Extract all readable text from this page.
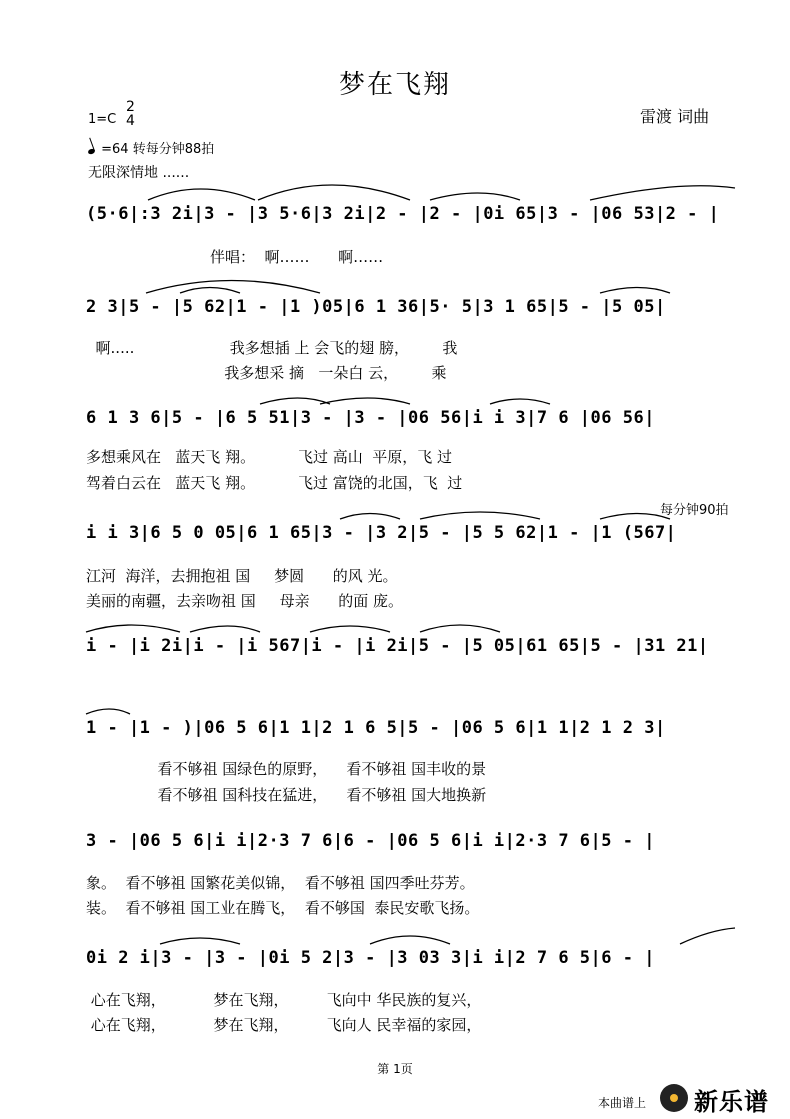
梦在飞翔
雷渡 词曲
1=C
2
4
=64 转每分钟88拍
无限深情地 ......
(5·6|:3 2i|3 - |3 5·6|3 2i|2 - |2 - |0i 65|3 - |06 53|2 - |
伴唱：  啊……      啊……
2 3|5 - |5 62|1 - |1 )05|6 1 36|5· 5|3 1 65|5 - |5 05|
啊.....                    我多想插 上 会飞的翅 膀，       我
我多想采 摘   一朵白 云，       乘
6 1 3 6|5 - |6 5 51|3 - |3 - |06 56|i i 3|7 6 |06 56|
多想乘风在   蓝天飞 翔。         飞过 高山  平原，飞 过
驾着白云在   蓝天飞 翔。         飞过 富饶的北国，飞  过
每分钟90拍
i i 3|6 5 0 05|6 1 65|3 - |3 2|5 - |5 5 62|1 - |1 (567|
江河  海洋，去拥抱祖 国     梦圆      的风 光。
美丽的南疆，去亲吻祖 国     母亲      的面 庞。
i - |i 2i|i - |i 567|i - |i 2i|5 - |5 05|61 65|5 - |31 21|
1 - |1 - )|06 5 6|1 1|2 1 6 5|5 - |06 5 6|1 1|2 1 2 3|
看不够祖 国绿色的原野，    看不够祖 国丰收的景
看不够祖 国科技在猛进，    看不够祖 国大地换新
3 - |06 5 6|i i|2·3 7 6|6 - |06 5 6|i i|2·3 7 6|5 - |
象。  看不够祖 国繁花美似锦，  看不够祖 国四季吐芬芳。
装。  看不够祖 国工业在腾飞，  看不够国  泰民安歌飞扬。
0i 2 i|3 - |3 - |0i 5 2|3 - |3 03 3|i i|2 7 6 5|6 - |
心在飞翔，          梦在飞翔，        飞向中 华民族的复兴，
心在飞翔，          梦在飞翔，        飞向人 民幸福的家园，
第 1页
本曲谱上 新乐谱
